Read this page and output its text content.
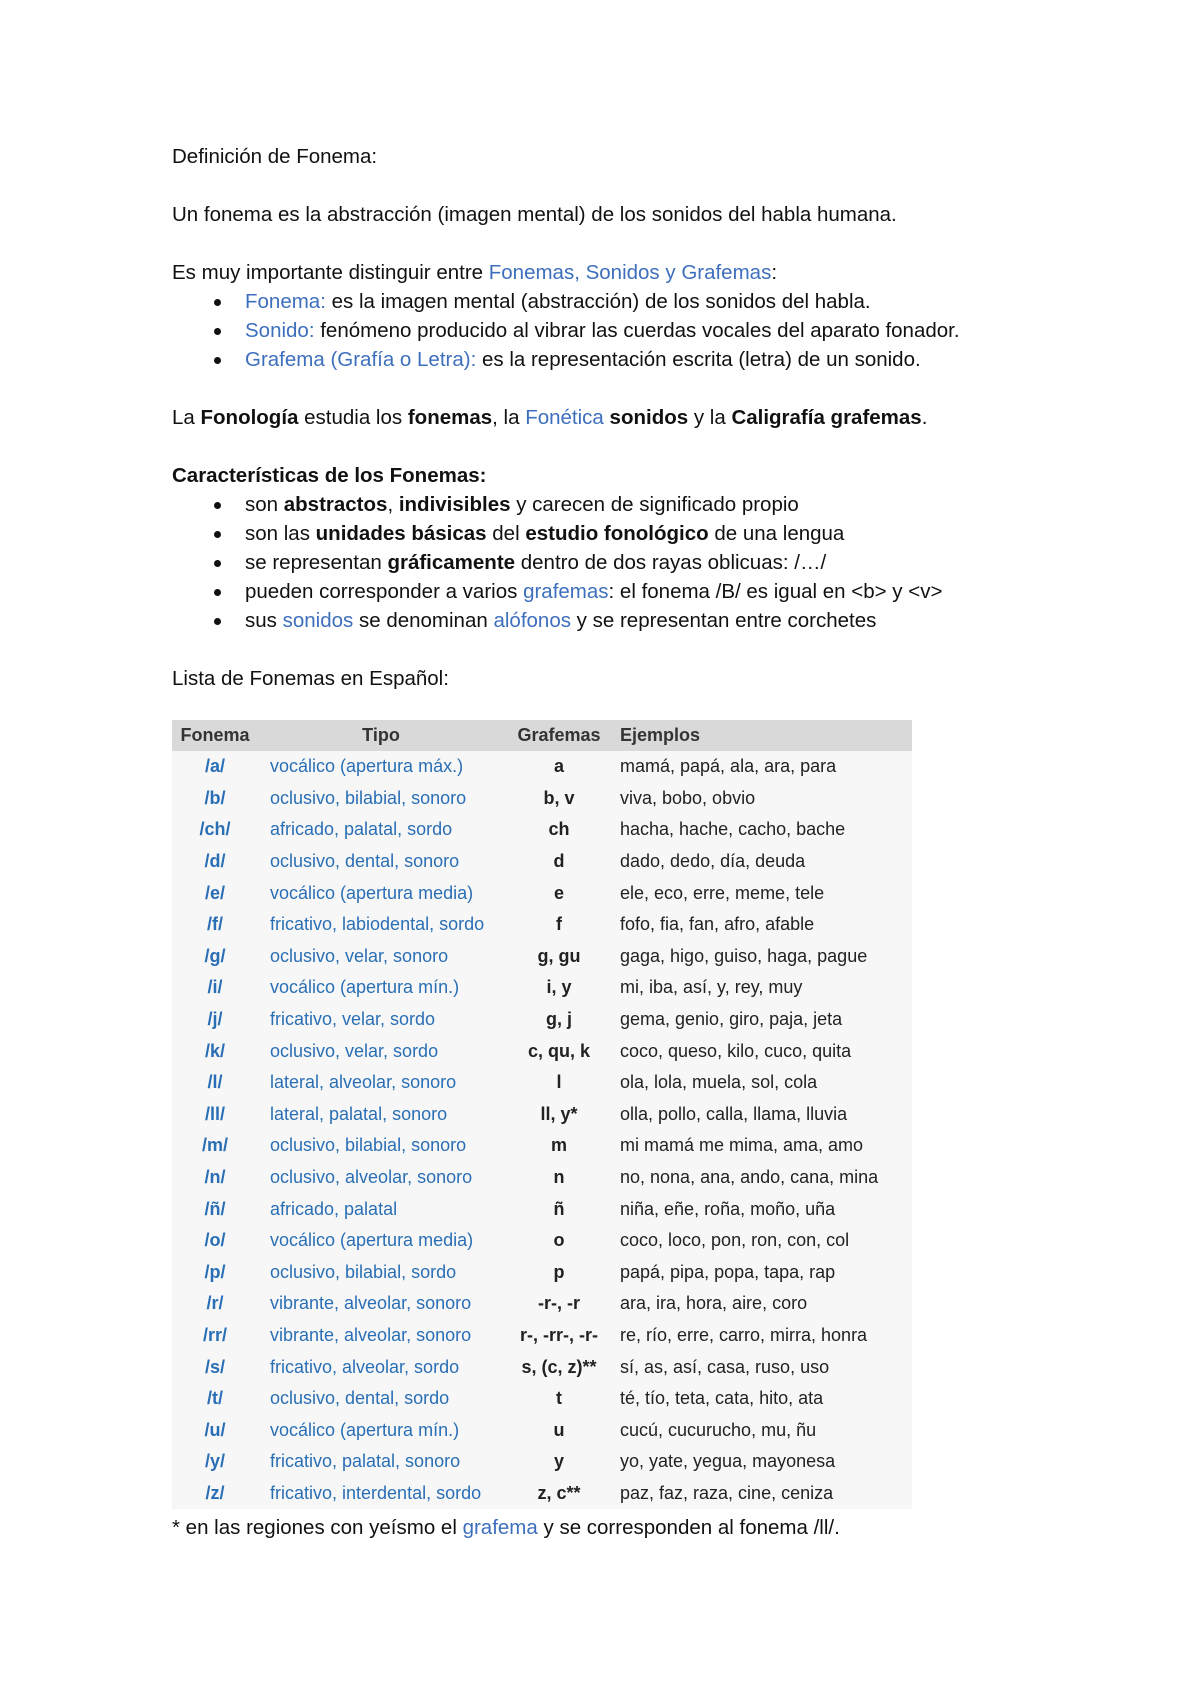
Definición de Fonema:

Un fonema es la abstracción (imagen mental) de los sonidos del habla humana.

Es muy importante distinguir entre Fonemas, Sonidos y Grafemas:

Fonema: es la imagen mental (abstracción) de los sonidos del habla.
Sonido: fenómeno producido al vibrar las cuerdas vocales del aparato fonador.
Grafema (Grafía o Letra): es la representación escrita (letra) de un sonido.

La Fonología estudia los fonemas, la Fonética sonidos y la Caligrafía grafemas.

Características de los Fonemas:

son abstractos, indivisibles y carecen de significado propio
son las unidades básicas del estudio fonológico de una lengua
se representan gráficamente dentro de dos rayas oblicuas: /…/
pueden corresponder a varios grafemas: el fonema /B/ es igual en <b> y <v>
sus sonidos se denominan alófonos y se representan entre corchetes

Lista de Fonemas en Español:

Fonema	Tipo	Grafemas	Ejemplos
/a/	vocálico (apertura máx.)	a	mamá, papá, ala, ara, para
/b/	oclusivo, bilabial, sonoro	b, v	viva, bobo, obvio
/ch/	africado, palatal, sordo	ch	hacha, hache, cacho, bache
/d/	oclusivo, dental, sonoro	d	dado, dedo, día, deuda
/e/	vocálico (apertura media)	e	ele, eco, erre, meme, tele
/f/	fricativo, labiodental, sordo	f	fofo, fia, fan, afro, afable
/g/	oclusivo, velar, sonoro	g, gu	gaga, higo, guiso, haga, pague
/i/	vocálico (apertura mín.)	i, y	mi, iba, así, y, rey, muy
/j/	fricativo, velar, sordo	g, j	gema, genio, giro, paja, jeta
/k/	oclusivo, velar, sordo	c, qu, k	coco, queso, kilo, cuco, quita
/l/	lateral, alveolar, sonoro	l	ola, lola, muela, sol, cola
/ll/	lateral, palatal, sonoro	ll, y*	olla, pollo, calla, llama, lluvia
/m/	oclusivo, bilabial, sonoro	m	mi mamá me mima, ama, amo
/n/	oclusivo, alveolar, sonoro	n	no, nona, ana, ando, cana, mina
/ñ/	africado, palatal	ñ	niña, eñe, roña, moño, uña
/o/	vocálico (apertura media)	o	coco, loco, pon, ron, con, col
/p/	oclusivo, bilabial, sordo	p	papá, pipa, popa, tapa, rap
/r/	vibrante, alveolar, sonoro	-r-, -r	ara, ira, hora, aire, coro
/rr/	vibrante, alveolar, sonoro	r-, -rr-, -r-	re, río, erre, carro, mirra, honra
/s/	fricativo, alveolar, sordo	s, (c, z)**	sí, as, así, casa, ruso, uso
/t/	oclusivo, dental, sordo	t	té, tío, teta, cata, hito, ata
/u/	vocálico (apertura mín.)	u	cucú, cucurucho, mu, ñu
/y/	fricativo, palatal, sonoro	y	yo, yate, yegua, mayonesa
/z/	fricativo, interdental, sordo	z, c**	paz, faz, raza, cine, ceniza

* en las regiones con yeísmo el grafema y se corresponden al fonema /ll/.
